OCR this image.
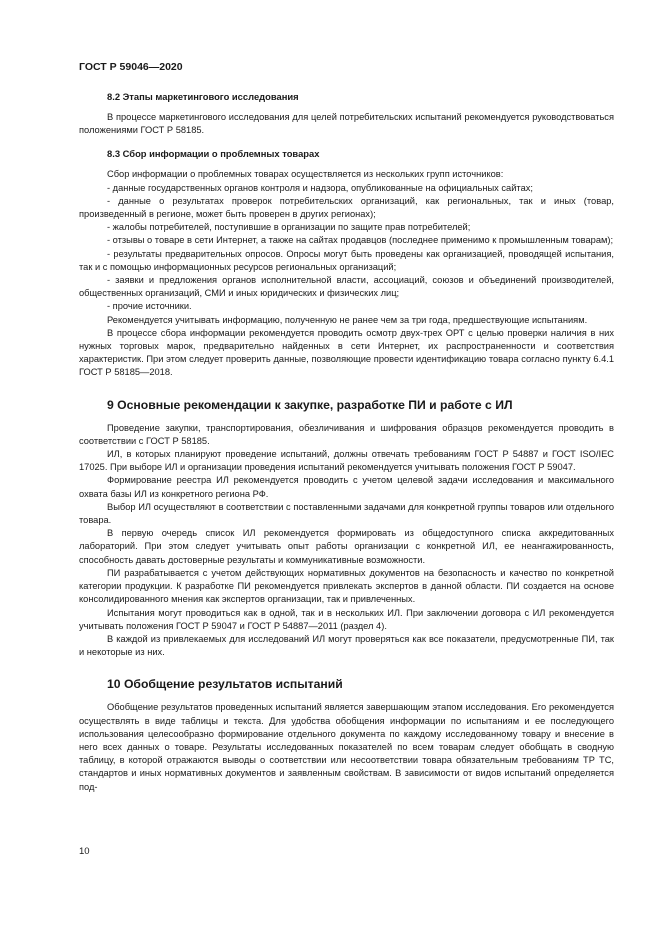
ГОСТ Р 59046—2020
8.2 Этапы маркетингового исследования

В процессе маркетингового исследования для целей потребительских испытаний рекомендуется руководствоваться положениями ГОСТ Р 58185.

8.3 Сбор информации о проблемных товарах

Сбор информации о проблемных товарах осуществляется из нескольких групп источников:

- данные государственных органов контроля и надзора, опубликованные на официальных сайтах;

- данные о результатах проверок потребительских организаций, как региональных, так и иных (товар, произведенный в регионе, может быть проверен в других регионах);

- жалобы потребителей, поступившие в организации по защите прав потребителей;

- отзывы о товаре в сети Интернет, а также на сайтах продавцов (последнее применимо к промышленным товарам);

- результаты предварительных опросов. Опросы могут быть проведены как организацией, проводящей испытания, так и с помощью информационных ресурсов региональных организаций;

- заявки и предложения органов исполнительной власти, ассоциаций, союзов и объединений производителей, общественных организаций, СМИ и иных юридических и физических лиц;

- прочие источники.

Рекомендуется учитывать информацию, полученную не ранее чем за три года, предшествующие испытаниям.

В процессе сбора информации рекомендуется проводить осмотр двух-трех ОРТ с целью проверки наличия в них нужных торговых марок, предварительно найденных в сети Интернет, их распространенности и соответствия характеристик. При этом следует проверить данные, позволяющие провести идентификацию товара согласно пункту 6.4.1 ГОСТ Р 58185—2018.

9 Основные рекомендации к закупке, разработке ПИ и работе с ИЛ

Проведение закупки, транспортирования, обезличивания и шифрования образцов рекомендуется проводить в соответствии с ГОСТ Р 58185.

ИЛ, в которых планируют проведение испытаний, должны отвечать требованиям ГОСТ Р 54887 и ГОСТ ISO/IEC 17025. При выборе ИЛ и организации проведения испытаний рекомендуется учитывать положения ГОСТ Р 59047.

Формирование реестра ИЛ рекомендуется проводить с учетом целевой задачи исследования и максимального охвата базы ИЛ из конкретного региона РФ.

Выбор ИЛ осуществляют в соответствии с поставленными задачами для конкретной группы товаров или отдельного товара.

В первую очередь список ИЛ рекомендуется формировать из общедоступного списка аккредитованных лабораторий. При этом следует учитывать опыт работы организации с конкретной ИЛ, ее неангажированность, способность давать достоверные результаты и коммуникативные возможности.

ПИ разрабатывается с учетом действующих нормативных документов на безопасность и качество по конкретной категории продукции. К разработке ПИ рекомендуется привлекать экспертов в данной области. ПИ создается на основе консолидированного мнения как экспертов организации, так и привлеченных.

Испытания могут проводиться как в одной, так и в нескольких ИЛ. При заключении договора с ИЛ рекомендуется учитывать положения ГОСТ Р 59047 и ГОСТ Р 54887—2011 (раздел 4).

В каждой из привлекаемых для исследований ИЛ могут проверяться как все показатели, предусмотренные ПИ, так и некоторые из них.

10 Обобщение результатов испытаний

Обобщение результатов проведенных испытаний является завершающим этапом исследования. Его рекомендуется осуществлять в виде таблицы и текста. Для удобства обобщения информации по испытаниям и ее последующего использования целесообразно формирование отдельного документа по каждому исследованному товару и внесение в него всех данных о товаре. Результаты исследованных показателей по всем товарам следует обобщать в сводную таблицу, в которой отражаются выводы о соответствии или несоответствии товара обязательным требованиям ТР ТС, стандартов и иных нормативных документов и заявленным свойствам. В зависимости от видов испытаний определяется под-

10
